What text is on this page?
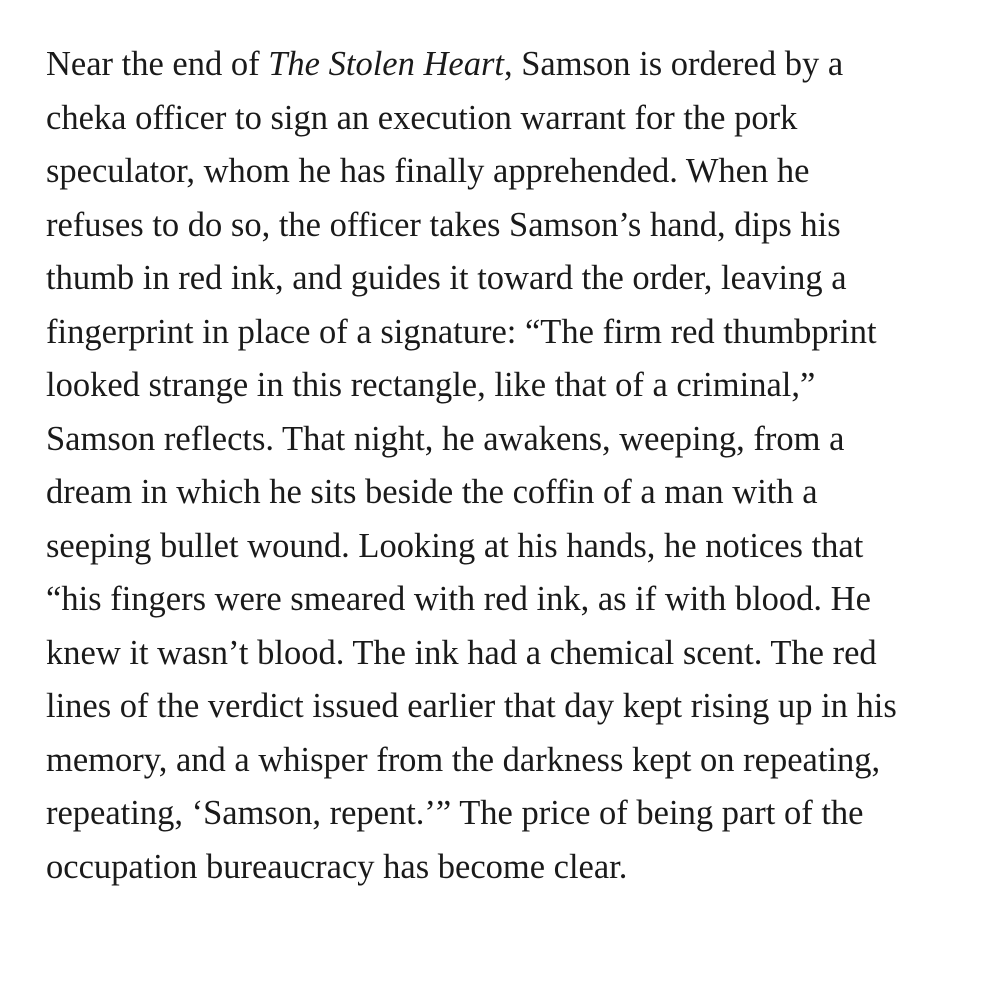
Near the end of The Stolen Heart, Samson is ordered by a
cheka officer to sign an execution warrant for the pork
speculator, whom he has finally apprehended. When he
refuses to do so, the officer takes Samson’s hand, dips his
thumb in red ink, and guides it toward the order, leaving a
fingerprint in place of a signature: “The firm red thumbprint
looked strange in this rectangle, like that of a criminal,”
Samson reflects. That night, he awakens, weeping, from a
dream in which he sits beside the coffin of a man with a
seeping bullet wound. Looking at his hands, he notices that
“his fingers were smeared with red ink, as if with blood. He
knew it wasn’t blood. The ink had a chemical scent. The red
lines of the verdict issued earlier that day kept rising up in his
memory, and a whisper from the darkness kept on repeating,
repeating, ‘Samson, repent.’” The price of being part of the
occupation bureaucracy has become clear.
